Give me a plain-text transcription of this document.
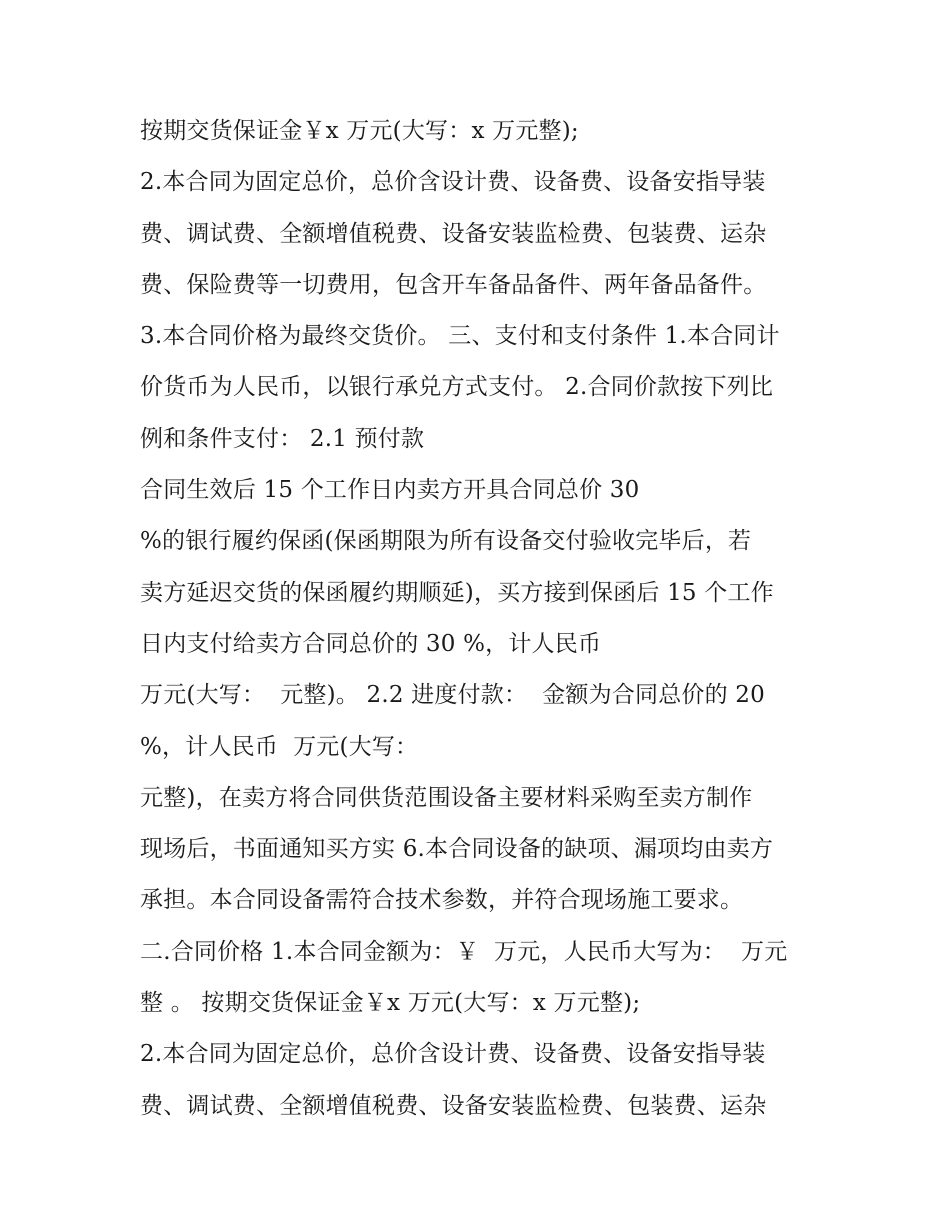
按期交货保证金￥x 万元(大写：x 万元整);
2.本合同为固定总价，总价含设计费、设备费、设备安指导装
费、调试费、全额增值税费、设备安装监检费、包装费、运杂
费、保险费等一切费用，包含开车备品备件、两年备品备件。
3.本合同价格为最终交货价。 三、支付和支付条件 1.本合同计
价货币为人民币，以银行承兑方式支付。 2.合同价款按下列比
例和条件支付： 2.1 预付款
合同生效后 15 个工作日内卖方开具合同总价 30
%的银行履约保函(保函期限为所有设备交付验收完毕后，若
卖方延迟交货的保函履约期顺延)，买方接到保函后 15 个工作
日内支付给卖方合同总价的 30 %，计人民币
万元(大写：  元整)。 2.2 进度付款：  金额为合同总价的 20
%，计人民币  万元(大写：
元整)，在卖方将合同供货范围设备主要材料采购至卖方制作
现场后，书面通知买方实 6.本合同设备的缺项、漏项均由卖方
承担。本合同设备需符合技术参数，并符合现场施工要求。
二.合同价格 1.本合同金额为：￥  万元，人民币大写为：  万元
整 。 按期交货保证金￥x 万元(大写：x 万元整);
2.本合同为固定总价，总价含设计费、设备费、设备安指导装
费、调试费、全额增值税费、设备安装监检费、包装费、运杂
